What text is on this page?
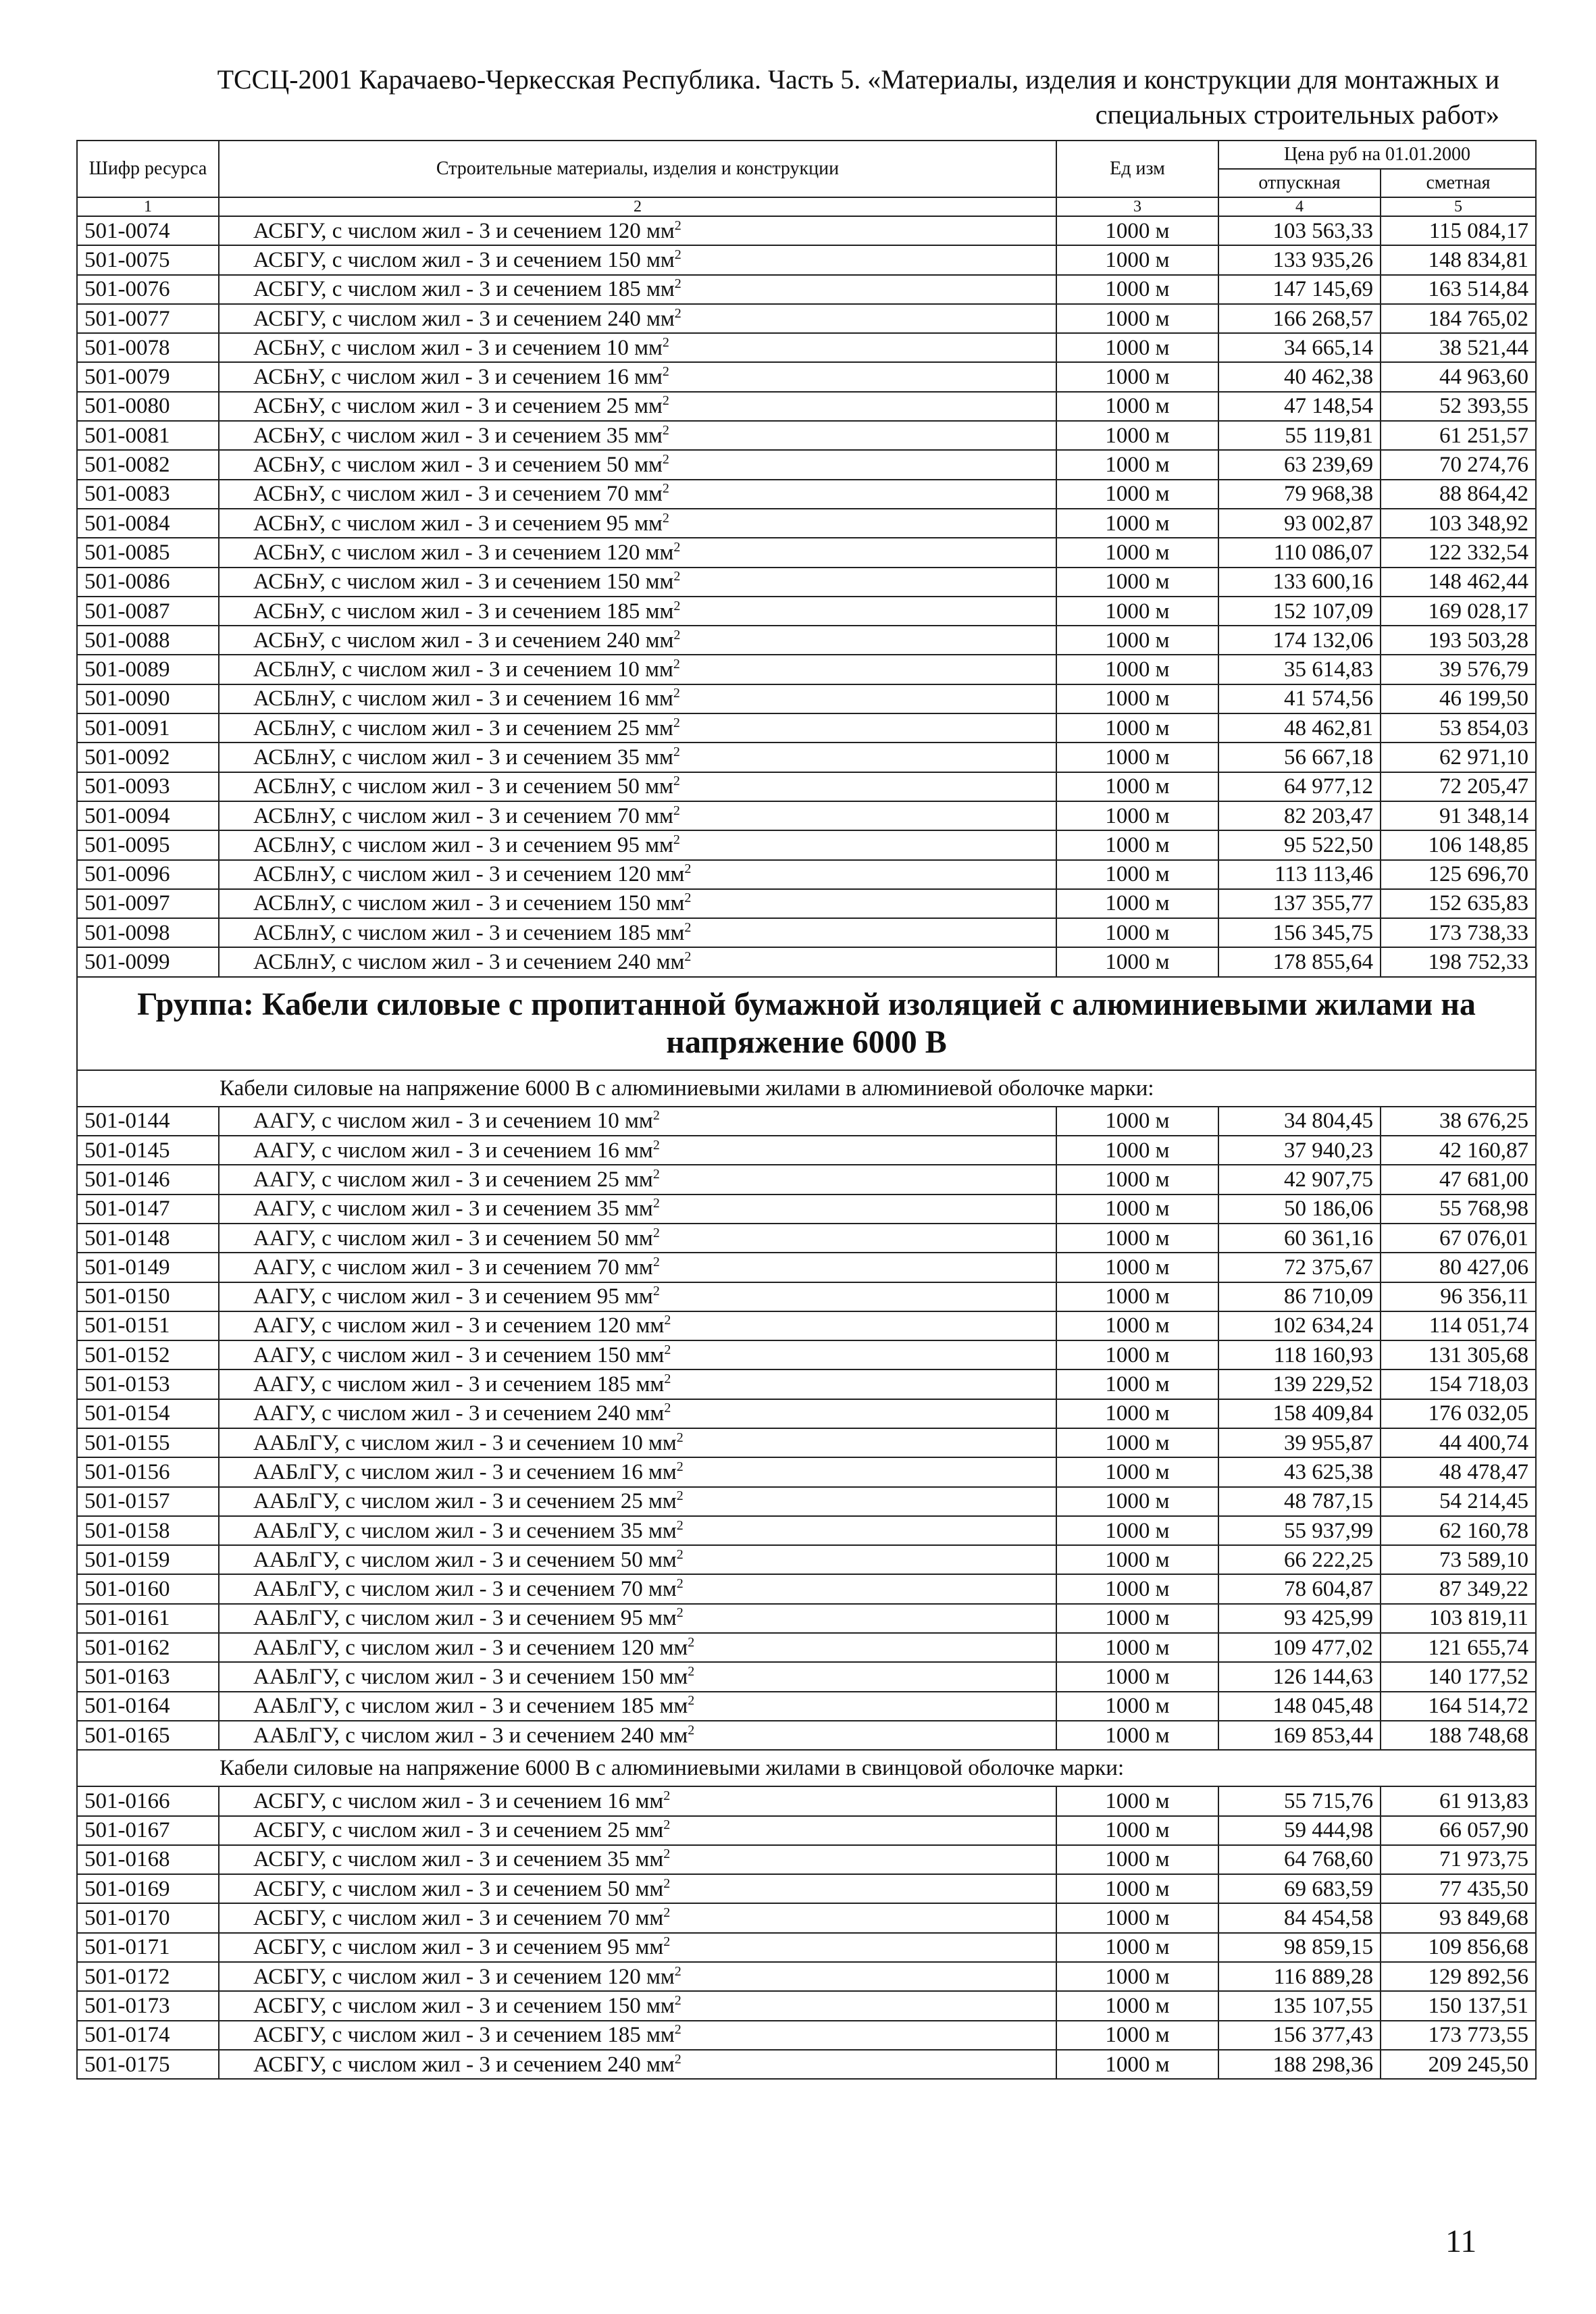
ТССЦ-2001 Карачаево-Черкесская Республика. Часть 5. «Материалы, изделия и конструкции для монтажных и
специальных строительных работ»
Шифр ресурса	Строительные материалы, изделия и конструкции	Ед изм	Цена руб на 01.01.2000	
			отпускная	сметная
1	2	3	4	5
501-0074	АСБГУ, с числом жил - 3 и сечением 120 $мм^2$	1000 м	103 563,33	115 084,17
501-0075	АСБГУ, с числом жил - 3 и сечением 150 $мм^2$	1000 м	133 935,26	148 834,81
501-0076	АСБГУ, с числом жил - 3 и сечением 185 $мм^2$	1000 м	147 145,69	163 514,84
501-0077	АСБГУ, с числом жил - 3 и сечением 240 $мм^2$	1000 м	166 268,57	184 765,02
501-0078	АСБнУ, с числом жил - 3 и сечением 10 $мм^2$	1000 м	34 665,14	38 521,44
501-0079	АСБнУ, с числом жил - 3 и сечением 16 $мм^2$	1000 м	40 462,38	44 963,60
501-0080	АСБнУ, с числом жил - 3 и сечением 25 $мм^2$	1000 м	47 148,54	52 393,55
501-0081	АСБнУ, с числом жил - 3 и сечением 35 $мм^2$	1000 м	55 119,81	61 251,57
501-0082	АСБнУ, с числом жил - 3 и сечением 50 $мм^2$	1000 м	63 239,69	70 274,76
501-0083	АСБнУ, с числом жил - 3 и сечением 70 $мм^2$	1000 м	79 968,38	88 864,42
501-0084	АСБнУ, с числом жил - 3 и сечением 95 $мм^2$	1000 м	93 002,87	103 348,92
501-0085	АСБнУ, с числом жил - 3 и сечением 120 $мм^2$	1000 м	110 086,07	122 332,54
501-0086	АСБнУ, с числом жил - 3 и сечением 150 $мм^2$	1000 м	133 600,16	148 462,44
501-0087	АСБнУ, с числом жил - 3 и сечением 185 $мм^2$	1000 м	152 107,09	169 028,17
501-0088	АСБнУ, с числом жил - 3 и сечением 240 $мм^2$	1000 м	174 132,06	193 503,28
501-0089	АСБлнУ, с числом жил - 3 и сечением 10 $мм^2$	1000 м	35 614,83	39 576,79
501-0090	АСБлнУ, с числом жил - 3 и сечением 16 $мм^2$	1000 м	41 574,56	46 199,50
501-0091	АСБлнУ, с числом жил - 3 и сечением 25 $мм^2$	1000 м	48 462,81	53 854,03
501-0092	АСБлнУ, с числом жил - 3 и сечением 35 $мм^2$	1000 м	56 667,18	62 971,10
501-0093	АСБлнУ, с числом жил - 3 и сечением 50 $мм^2$	1000 м	64 977,12	72 205,47
501-0094	АСБлнУ, с числом жил - 3 и сечением 70 $мм^2$	1000 м	82 203,47	91 348,14
501-0095	АСБлнУ, с числом жил - 3 и сечением 95 $мм^2$	1000 м	95 522,50	106 148,85
501-0096	АСБлнУ, с числом жил - 3 и сечением 120 $мм^2$	1000 м	113 113,46	125 696,70
501-0097	АСБлнУ, с числом жил - 3 и сечением 150 $мм^2$	1000 м	137 355,77	152 635,83
501-0098	АСБлнУ, с числом жил - 3 и сечением 185 $мм^2$	1000 м	156 345,75	173 738,33
501-0099	АСБлнУ, с числом жил - 3 и сечением 240 $мм^2$	1000 м	178 855,64	198 752,33
Группа: Кабели силовые с пропитанной бумажной изоляцией с алюминиевыми жилами на напряжение 6000 В				
Кабели силовые на напряжение 6000 В с алюминиевыми жилами в алюминиевой оболочке марки:				
501-0144	ААГУ, с числом жил - 3 и сечением 10 $мм^2$	1000 м	34 804,45	38 676,25
501-0145	ААГУ, с числом жил - 3 и сечением 16 $мм^2$	1000 м	37 940,23	42 160,87
501-0146	ААГУ, с числом жил - 3 и сечением 25 $мм^2$	1000 м	42 907,75	47 681,00
501-0147	ААГУ, с числом жил - 3 и сечением 35 $мм^2$	1000 м	50 186,06	55 768,98
501-0148	ААГУ, с числом жил - 3 и сечением 50 $мм^2$	1000 м	60 361,16	67 076,01
501-0149	ААГУ, с числом жил - 3 и сечением 70 $мм^2$	1000 м	72 375,67	80 427,06
501-0150	ААГУ, с числом жил - 3 и сечением 95 $мм^2$	1000 м	86 710,09	96 356,11
501-0151	ААГУ, с числом жил - 3 и сечением 120 $мм^2$	1000 м	102 634,24	114 051,74
501-0152	ААГУ, с числом жил - 3 и сечением 150 $мм^2$	1000 м	118 160,93	131 305,68
501-0153	ААГУ, с числом жил - 3 и сечением 185 $мм^2$	1000 м	139 229,52	154 718,03
501-0154	ААГУ, с числом жил - 3 и сечением 240 $мм^2$	1000 м	158 409,84	176 032,05
501-0155	ААБлГУ, с числом жил - 3 и сечением 10 $мм^2$	1000 м	39 955,87	44 400,74
501-0156	ААБлГУ, с числом жил - 3 и сечением 16 $мм^2$	1000 м	43 625,38	48 478,47
501-0157	ААБлГУ, с числом жил - 3 и сечением 25 $мм^2$	1000 м	48 787,15	54 214,45
501-0158	ААБлГУ, с числом жил - 3 и сечением 35 $мм^2$	1000 м	55 937,99	62 160,78
501-0159	ААБлГУ, с числом жил - 3 и сечением 50 $мм^2$	1000 м	66 222,25	73 589,10
501-0160	ААБлГУ, с числом жил - 3 и сечением 70 $мм^2$	1000 м	78 604,87	87 349,22
501-0161	ААБлГУ, с числом жил - 3 и сечением 95 $мм^2$	1000 м	93 425,99	103 819,11
501-0162	ААБлГУ, с числом жил - 3 и сечением 120 $мм^2$	1000 м	109 477,02	121 655,74
501-0163	ААБлГУ, с числом жил - 3 и сечением 150 $мм^2$	1000 м	126 144,63	140 177,52
501-0164	ААБлГУ, с числом жил - 3 и сечением 185 $мм^2$	1000 м	148 045,48	164 514,72
501-0165	ААБлГУ, с числом жил - 3 и сечением 240 $мм^2$	1000 м	169 853,44	188 748,68
Кабели силовые на напряжение 6000 В с алюминиевыми жилами в свинцовой оболочке марки:				
501-0166	АСБГУ, с числом жил - 3 и сечением 16 $мм^2$	1000 м	55 715,76	61 913,83
501-0167	АСБГУ, с числом жил - 3 и сечением 25 $мм^2$	1000 м	59 444,98	66 057,90
501-0168	АСБГУ, с числом жил - 3 и сечением 35 $мм^2$	1000 м	64 768,60	71 973,75
501-0169	АСБГУ, с числом жил - 3 и сечением 50 $мм^2$	1000 м	69 683,59	77 435,50
501-0170	АСБГУ, с числом жил - 3 и сечением 70 $мм^2$	1000 м	84 454,58	93 849,68
501-0171	АСБГУ, с числом жил - 3 и сечением 95 $мм^2$	1000 м	98 859,15	109 856,68
501-0172	АСБГУ, с числом жил - 3 и сечением 120 $мм^2$	1000 м	116 889,28	129 892,56
501-0173	АСБГУ, с числом жил - 3 и сечением 150 $мм^2$	1000 м	135 107,55	150 137,51
501-0174	АСБГУ, с числом жил - 3 и сечением 185 $мм^2$	1000 м	156 377,43	173 773,55
501-0175	АСБГУ, с числом жил - 3 и сечением 240 $мм^2$	1000 м	188 298,36	209 245,50
11
